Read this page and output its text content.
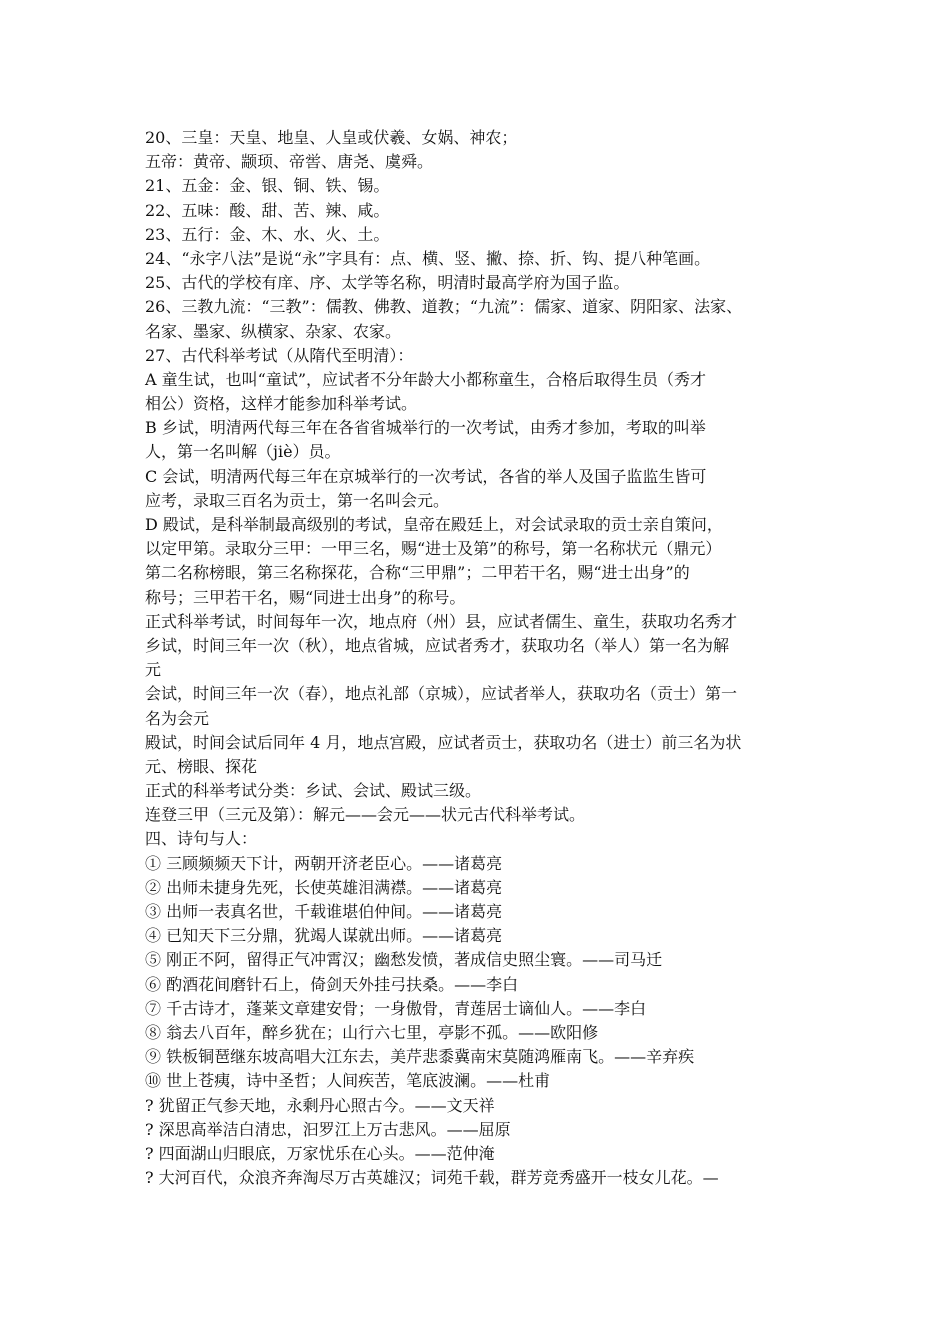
20、三皇：天皇、地皇、人皇或伏羲、女娲、神农；
五帝：黄帝、颛顼、帝喾、唐尧、虞舜。
21、五金：金、银、铜、铁、锡。
22、五味：酸、甜、苦、辣、咸。
23、五行：金、木、水、火、土。
24、“永字八法”是说“永”字具有：点、横、竖、撇、捺、折、钩、提八种笔画。
25、古代的学校有庠、序、太学等名称，明清时最高学府为国子监。
26、三教九流：“三教”：儒教、佛教、道教；“九流”：儒家、道家、阴阳家、法家、
名家、墨家、纵横家、杂家、农家。
27、古代科举考试（从隋代至明清）：
A 童生试，也叫“童试”，应试者不分年龄大小都称童生，合格后取得生员（秀才
相公）资格，这样才能参加科举考试。
B 乡试，明清两代每三年在各省省城举行的一次考试，由秀才参加，考取的叫举
人，第一名叫解（jiè）员。
C 会试，明清两代每三年在京城举行的一次考试，各省的举人及国子监监生皆可
应考，录取三百名为贡士，第一名叫会元。
D 殿试，是科举制最高级别的考试，皇帝在殿廷上，对会试录取的贡士亲自策问，
以定甲第。录取分三甲：一甲三名，赐“进士及第”的称号，第一名称状元（鼎元）
第二名称榜眼，第三名称探花，合称“三甲鼎”；二甲若干名，赐“进士出身”的
称号；三甲若干名，赐“同进士出身”的称号。
正式科举考试，时间每年一次，地点府（州）县，应试者儒生、童生，获取功名秀才
乡试，时间三年一次（秋），地点省城，应试者秀才，获取功名（举人）第一名为解
元
会试，时间三年一次（春），地点礼部（京城），应试者举人，获取功名（贡士）第一
名为会元
殿试，时间会试后同年 4 月，地点宫殿，应试者贡士，获取功名（进士）前三名为状
元、榜眼、探花
正式的科举考试分类：乡试、会试、殿试三级。
连登三甲（三元及第）：解元——会元——状元古代科举考试。
四、诗句与人：
① 三顾频频天下计，两朝开济老臣心。——诸葛亮
② 出师未捷身先死，长使英雄泪满襟。——诸葛亮
③ 出师一表真名世，千载谁堪伯仲间。——诸葛亮
④ 已知天下三分鼎，犹竭人谋就出师。——诸葛亮
⑤ 刚正不阿，留得正气冲霄汉；幽愁发愤，著成信史照尘寰。——司马迁
⑥ 酌酒花间磨针石上，倚剑天外挂弓扶桑。——李白
⑦ 千古诗才，蓬莱文章建安骨；一身傲骨，青莲居士谪仙人。——李白
⑧ 翁去八百年，醉乡犹在；山行六七里，亭影不孤。——欧阳修
⑨ 铁板铜琶继东坡高唱大江东去，美芹悲黍冀南宋莫随鸿雁南飞。——辛弃疾
⑩ 世上苍痍，诗中圣哲；人间疾苦，笔底波澜。——杜甫
? 犹留正气参天地，永剩丹心照古今。——文天祥
? 深思高举洁白清忠，汩罗江上万古悲风。——屈原
? 四面湖山归眼底，万家忧乐在心头。——范仲淹
? 大河百代，众浪齐奔淘尽万古英雄汉；词苑千载，群芳竞秀盛开一枝女儿花。—
